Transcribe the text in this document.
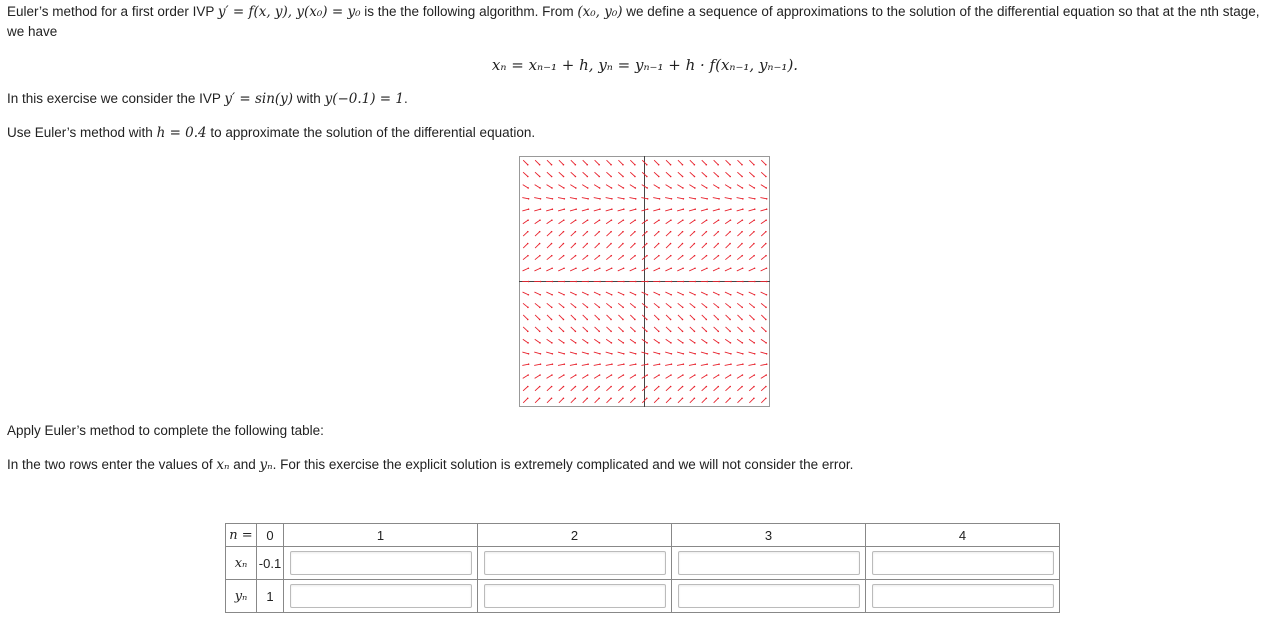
Euler’s method for a first order IVP y′ = f(x, y), y(x₀) = y₀ is the the following algorithm. From (x₀, y₀) we define a sequence of approximations to the solution of the differential equation so that at the nth stage, we have

xₙ = xₙ₋₁ + h, yₙ = yₙ₋₁ + h · f(xₙ₋₁, yₙ₋₁).

In this exercise we consider the IVP y′ = sin(y) with y(−0.1) = 1.

Use Euler’s method with h = 0.4 to approximate the solution of the differential equation.

Apply Euler’s method to complete the following table:

In the two rows enter the values of xₙ and yₙ. For this exercise the explicit solution is extremely complicated and we will not consider the error.

n =	0	1	2	3	4
xₙ	-0.1				
yₙ	1				
